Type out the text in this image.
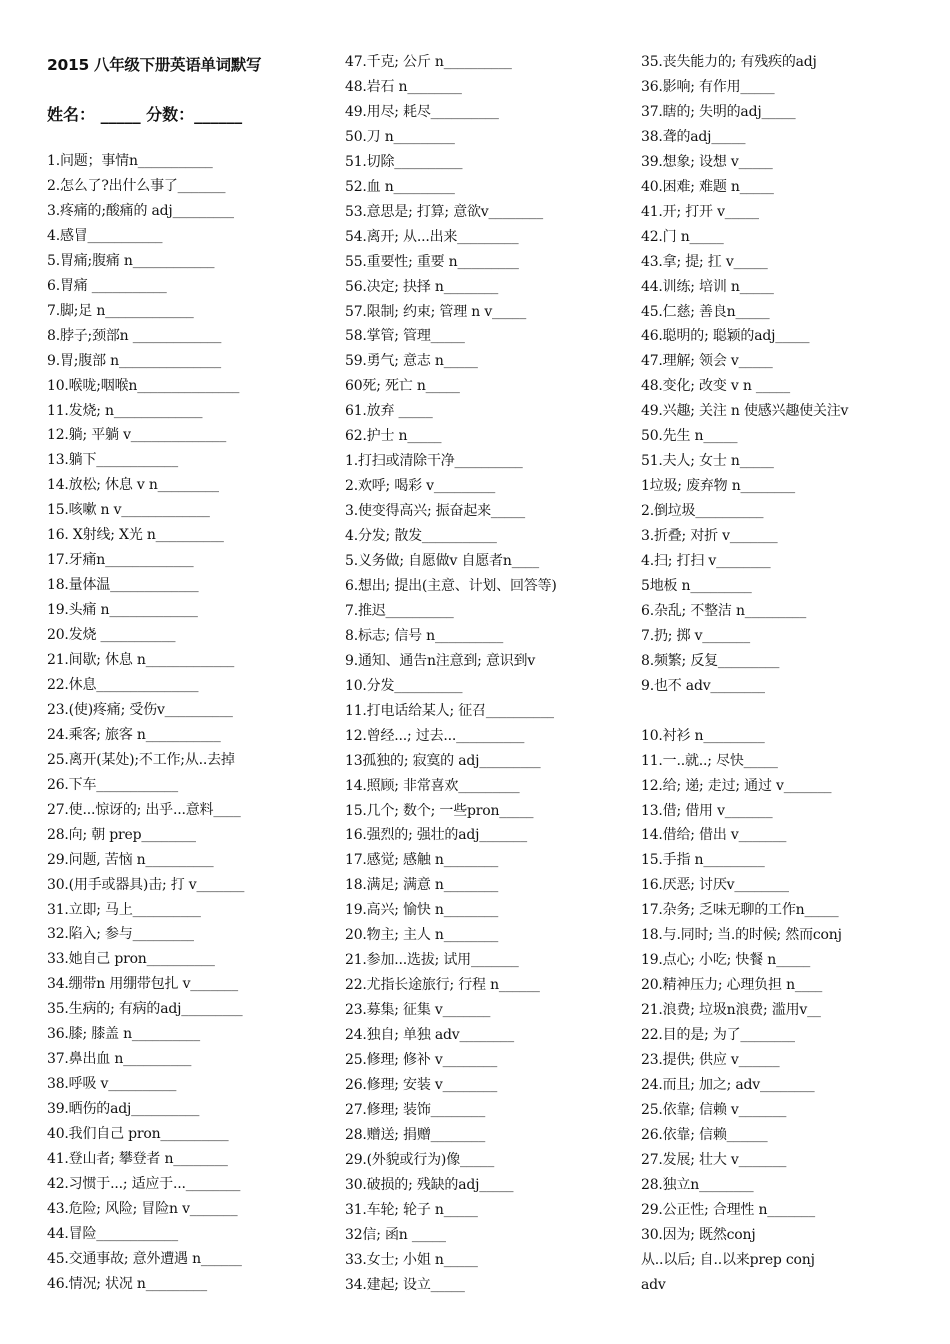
2015 八年级下册英语单词默写
姓名： _____ 分数：______
1.问题；事情n___________
2.怎么了?出什么事了_______
3.疼痛的;酸痛的 adj_________
4.感冒___________
5.胃痛;腹痛 n____________
6.胃痛 ___________
7.脚;足 n_____________
8.脖子;颈部n _____________
9.胃;腹部 n_______________
10.喉咙;咽喉n_______________
11.发烧; n_____________
12.躺; 平躺 v______________
13.躺下____________
14.放松; 休息 v n_________
15.咳嗽 n v_____________
16. X射线; X光 n__________
17.牙痛n_____________
18.量体温_____________
19.头痛 n_____________
20.发烧 ___________
21.间歇; 休息 n_____________
22.休息_______________
23.(使)疼痛; 受伤v__________
24.乘客; 旅客 n___________
25.离开(某处);不工作;从..去掉
26.下车____________
27.使...惊讶的; 出乎...意料____
28.向; 朝 prep________
29.问题, 苦恼 n__________
30.(用手或器具)击; 打 v_______
31.立即; 马上__________
32.陷入; 参与_________
33.她自己 pron__________
34.绷带n 用绷带包扎 v_______
35.生病的; 有病的adj_________
36.膝; 膝盖 n__________
37.鼻出血 n__________
38.呼吸 v__________
39.晒伤的adj__________
40.我们自己 pron__________
41.登山者; 攀登者 n________
42.习惯于...; 适应于...________
43.危险; 风险; 冒险n v_______
44.冒险____________
45.交通事故; 意外遭遇 n______
46.情况; 状况 n_________
47.千克; 公斤 n__________
48.岩石 n________
49.用尽; 耗尽__________
50.刀 n_________
51.切除__________
52.血 n_________
53.意思是; 打算; 意欲v________
54.离开; 从...出来_________
55.重要性; 重要 n_________
56.决定; 抉择 n________
57.限制; 约束; 管理 n v_____
58.掌管; 管理_____
59.勇气; 意志 n_____
60死; 死亡 n_____
61.放弃 _____
62.护士 n_____
1.打扫或清除干净__________
2.欢呼; 喝彩 v_________
3.使变得高兴; 振奋起来_____
4.分发; 散发___________
5.义务做; 自愿做v 自愿者n____
6.想出; 提出(主意、计划、回答等)
7.推迟__________
8.标志; 信号 n__________
9.通知、通告n注意到; 意识到v
10.分发__________
11.打电话给某人; 征召__________
12.曾经...; 过去...__________
13孤独的; 寂寞的 adj_________
14.照顾; 非常喜欢_________
15.几个; 数个; 一些pron_____
16.强烈的; 强壮的adj_______
17.感觉; 感触 n________
18.满足; 满意 n________
19.高兴; 愉快 n________
20.物主; 主人 n________
21.参加...选拔; 试用_______
22.尤指长途旅行; 行程 n______
23.募集; 征集 v_______
24.独自; 单独 adv________
25.修理; 修补 v________
26.修理; 安装 v________
27.修理; 装饰________
28.赠送; 捐赠________
29.(外貌或行为)像_____
30.破损的; 残缺的adj_____
31.车轮; 轮子 n_____
32信; 函n _____
33.女士; 小姐 n_____
34.建起; 设立_____
35.丧失能力的; 有残疾的adj
36.影响; 有作用_____
37.瞎的; 失明的adj_____
38.聋的adj_____
39.想象; 设想 v_____
40.困难; 难题 n_____
41.开; 打开 v_____
42.门 n_____
43.拿; 提; 扛 v_____
44.训练; 培训 n_____
45.仁慈; 善良n_____
46.聪明的; 聪颖的adj_____
47.理解; 领会 v_____
48.变化; 改变 v n _____
49.兴趣; 关注 n 使感兴趣使关注v
50.先生 n_____
51.夫人; 女士 n_____
1垃圾; 废弃物 n________
2.倒垃圾__________
3.折叠; 对折 v_______
4.扫; 打扫 v________
5地板 n_________
6.杂乱; 不整洁 n_________
7.扔; 掷 v_______
8.频繁; 反复_________
9.也不 adv________
10.衬衫 n_________
11.一..就..; 尽快_____
12.给; 递; 走过; 通过 v_______
13.借; 借用 v_______
14.借给; 借出 v_______
15.手指 n_________
16.厌恶; 讨厌v________
17.杂务; 乏味无聊的工作n_____
18.与.同时; 当.的时候; 然而conj
19.点心; 小吃; 快餐 n_____
20.精神压力; 心理负担 n____
21.浪费; 垃圾n浪费; 滥用v__
22.目的是; 为了________
23.提供; 供应 v______
24.而且; 加之; adv________
25.依靠; 信赖 v_______
26.依靠; 信赖______
27.发展; 壮大 v_______
28.独立n________
29.公正性; 合理性 n_______
30.因为; 既然conj
从..以后; 自..以来prep conj
adv
